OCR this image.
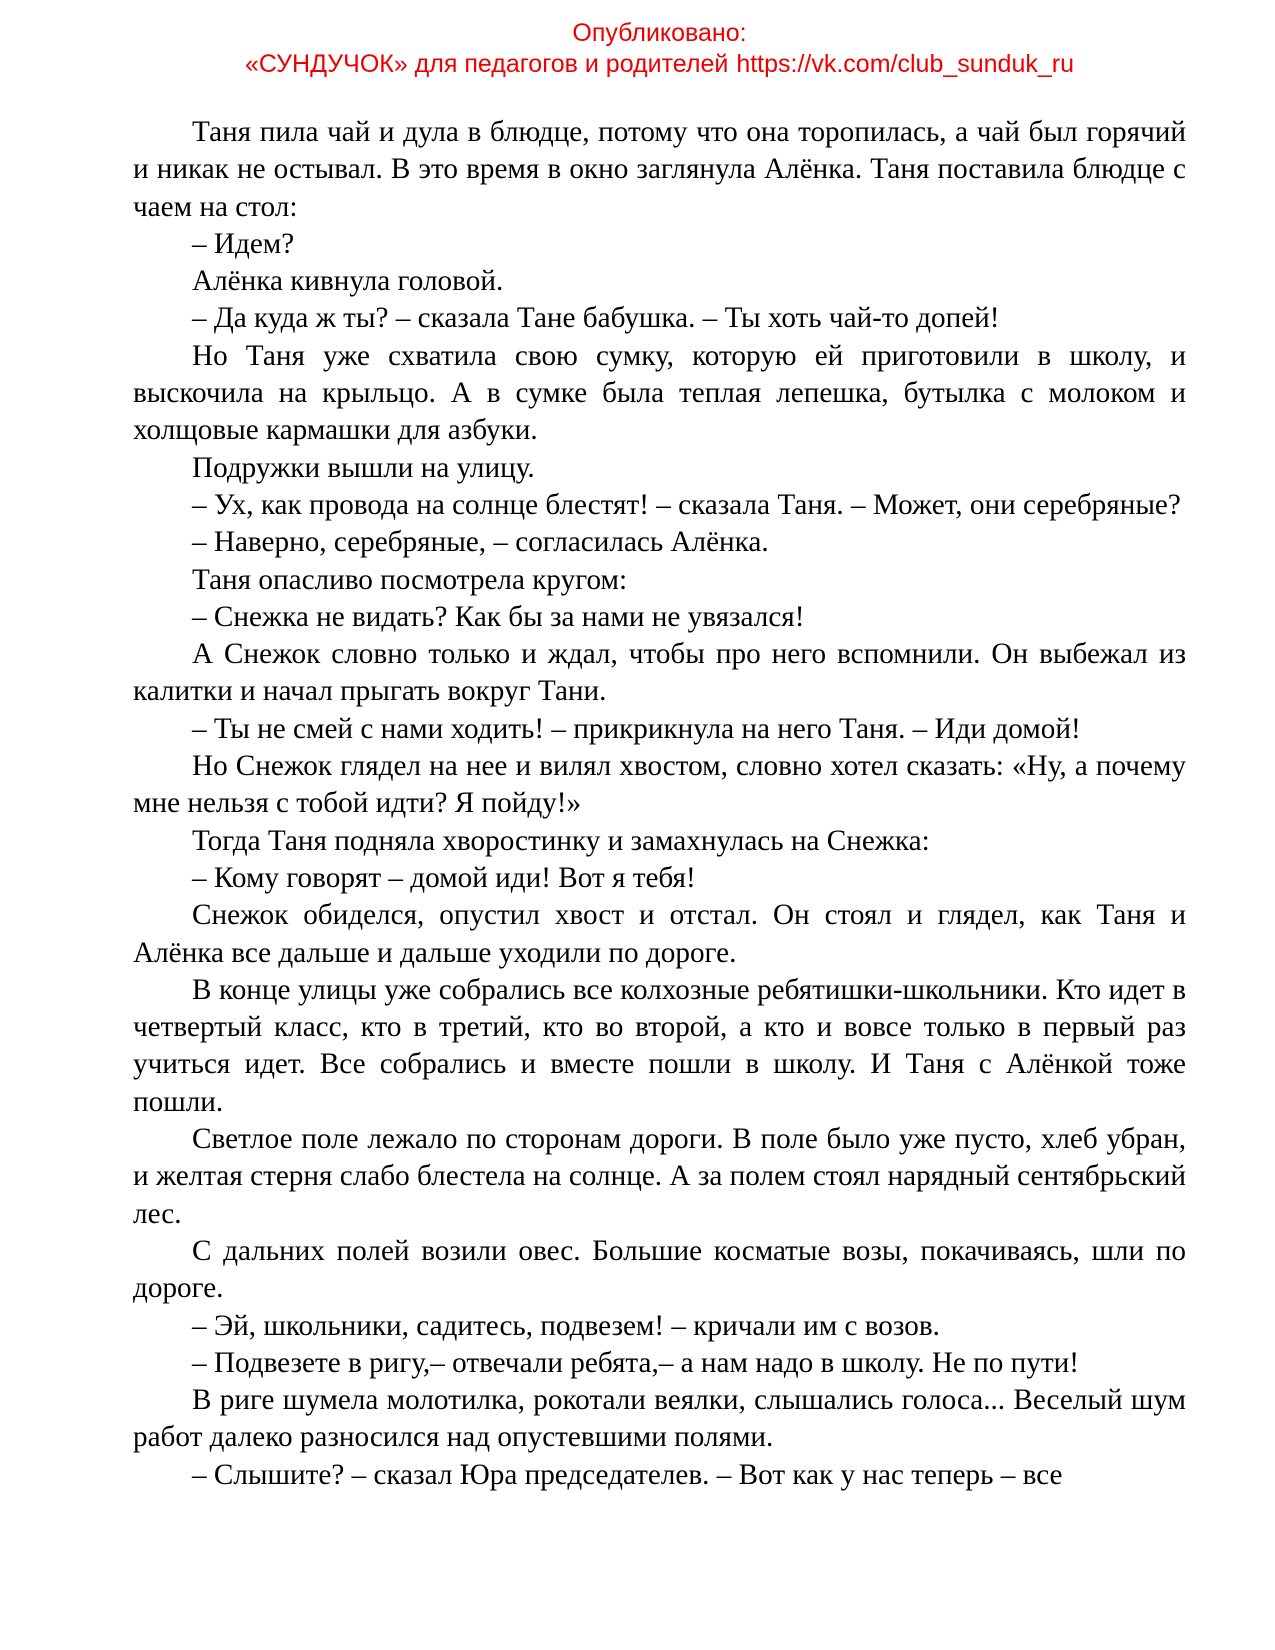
Опубликовано:
«СУНДУЧОК» для педагогов и родителей https://vk.com/club_sunduk_ru

Таня пила чай и дула в блюдце, потому что она торопилась, а чай был горячий и никак не остывал. В это время в окно заглянула Алёнка. Таня поставила блюдце с чаем на стол:

– Идем?

Алёнка кивнула головой.

– Да куда ж ты? – сказала Тане бабушка. – Ты хоть чай-то допей!

Но Таня уже схватила свою сумку, которую ей приготовили в школу, и выскочила на крыльцо. А в сумке была теплая лепешка, бутылка с молоком и холщовые кармашки для азбуки.

Подружки вышли на улицу.

– Ух, как провода на солнце блестят! – сказала Таня. – Может, они серебряные?

– Наверно, серебряные, – согласилась Алёнка.

Таня опасливо посмотрела кругом:

– Снежка не видать? Как бы за нами не увязался!

А Снежок словно только и ждал, чтобы про него вспомнили. Он выбежал из калитки и начал прыгать вокруг Тани.

– Ты не смей с нами ходить! – прикрикнула на него Таня. – Иди домой!

Но Снежок глядел на нее и вилял хвостом, словно хотел сказать: «Ну, а почему мне нельзя с тобой идти? Я пойду!»

Тогда Таня подняла хворостинку и замахнулась на Снежка:

– Кому говорят – домой иди! Вот я тебя!

Снежок обиделся, опустил хвост и отстал. Он стоял и глядел, как Таня и Алёнка все дальше и дальше уходили по дороге.

В конце улицы уже собрались все колхозные ребятишки-школьники. Кто идет в четвертый класс, кто в третий, кто во второй, а кто и вовсе только в первый раз учиться идет. Все собрались и вместе пошли в школу. И Таня с Алёнкой тоже пошли.

Светлое поле лежало по сторонам дороги. В поле было уже пусто, хлеб убран, и желтая стерня слабо блестела на солнце. А за полем стоял нарядный сентябрьский лес.

С дальних полей возили овес. Большие косматые возы, покачиваясь, шли по дороге.

– Эй, школьники, садитесь, подвезем! – кричали им с возов.

– Подвезете в ригу,– отвечали ребята,– а нам надо в школу. Не по пути!

В риге шумела молотилка, рокотали веялки, слышались голоса... Веселый шум работ далеко разносился над опустевшими полями.

– Слышите? – сказал Юра председателев. – Вот как у нас теперь – все
